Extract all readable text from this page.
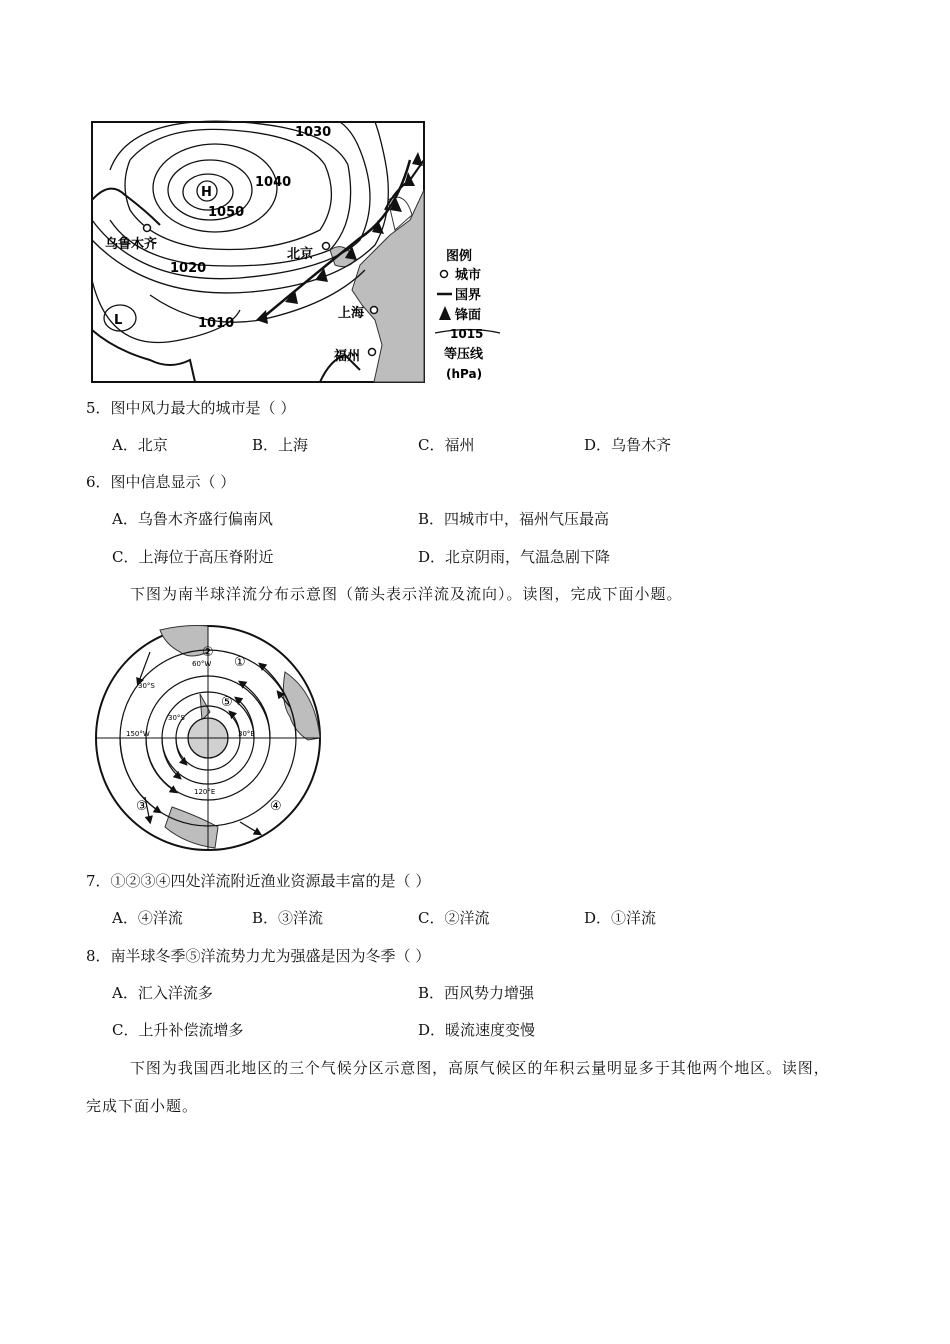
1030
1040
1050
1020
1010
H
L
乌鲁木齐
北京
上海
福州
图例
城市
国界
锋面
1015
等压线
(hPa)
5．图中风力最大的城市是（ ）
A．北京	B．上海	C．福州	D．乌鲁木齐
6．图中信息显示（ ）
A．乌鲁木齐盛行偏南风	B．四城市中，福州气压最高
C．上海位于高压脊附近	D．北京阴雨，气温急剧下降
下图为南半球洋流分布示意图（箭头表示洋流及流向）。读图，完成下面小题。
①
②
③	④
⑤
60°W
30°S
30°S
150°W	30°E
120°E
7．①②③④四处洋流附近渔业资源最丰富的是（ ）
A．④洋流	B．③洋流	C．②洋流	D．①洋流
8．南半球冬季⑤洋流势力尤为强盛是因为冬季（ ）
A．汇入洋流多	B．西风势力增强
C．上升补偿流增多	D．暖流速度变慢
下图为我国西北地区的三个气候分区示意图，高原气候区的年积云量明显多于其他两个地区。读图，
完成下面小题。
